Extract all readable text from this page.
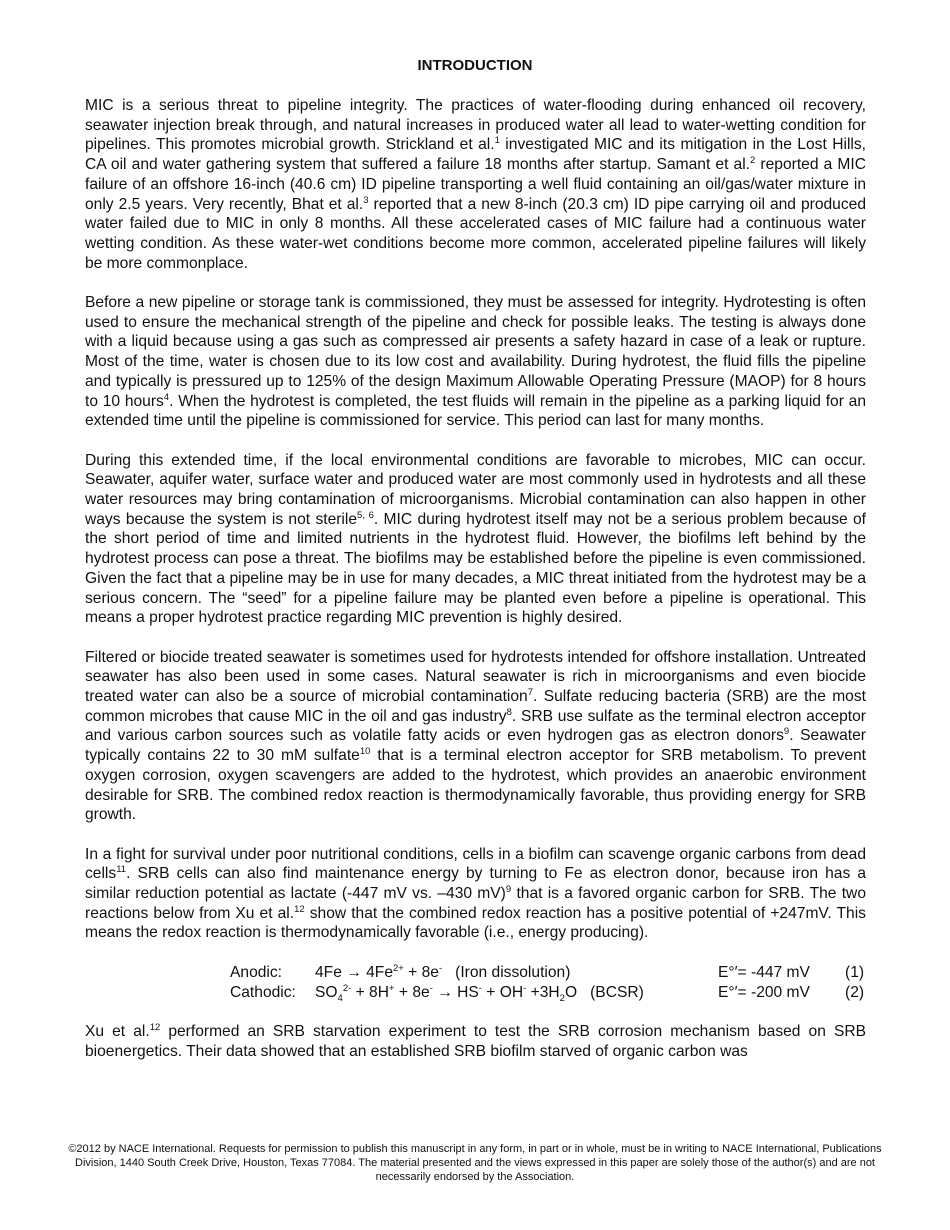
INTRODUCTION

MIC is a serious threat to pipeline integrity. The practices of water-flooding during enhanced oil recovery, seawater injection break through, and natural increases in produced water all lead to water-wetting condition for pipelines. This promotes microbial growth. Strickland et al.$^1$ investigated MIC and its mitigation in the Lost Hills, CA oil and water gathering system that suffered a failure 18 months after startup. Samant et al.$^2$ reported a MIC failure of an offshore 16-inch (40.6 cm) ID pipeline transporting a well fluid containing an oil/gas/water mixture in only 2.5 years. Very recently, Bhat et al.$^3$ reported that a new 8-inch (20.3 cm) ID pipe carrying oil and produced water failed due to MIC in only 8 months. All these accelerated cases of MIC failure had a continuous water wetting condition. As these water-wet conditions become more common, accelerated pipeline failures will likely be more commonplace.

Before a new pipeline or storage tank is commissioned, they must be assessed for integrity. Hydrotesting is often used to ensure the mechanical strength of the pipeline and check for possible leaks. The testing is always done with a liquid because using a gas such as compressed air presents a safety hazard in case of a leak or rupture. Most of the time, water is chosen due to its low cost and availability. During hydrotest, the fluid fills the pipeline and typically is pressured up to 125% of the design Maximum Allowable Operating Pressure (MAOP) for 8 hours to 10 hours$^4$. When the hydrotest is completed, the test fluids will remain in the pipeline as a parking liquid for an extended time until the pipeline is commissioned for service. This period can last for many months.

During this extended time, if the local environmental conditions are favorable to microbes, MIC can occur. Seawater, aquifer water, surface water and produced water are most commonly used in hydrotests and all these water resources may bring contamination of microorganisms. Microbial contamination can also happen in other ways because the system is not sterile$^{5, 6}$. MIC during hydrotest itself may not be a serious problem because of the short period of time and limited nutrients in the hydrotest fluid. However, the biofilms left behind by the hydrotest process can pose a threat. The biofilms may be established before the pipeline is even commissioned. Given the fact that a pipeline may be in use for many decades, a MIC threat initiated from the hydrotest may be a serious concern. The “seed” for a pipeline failure may be planted even before a pipeline is operational. This means a proper hydrotest practice regarding MIC prevention is highly desired.

Filtered or biocide treated seawater is sometimes used for hydrotests intended for offshore installation. Untreated seawater has also been used in some cases. Natural seawater is rich in microorganisms and even biocide treated water can also be a source of microbial contamination$^7$. Sulfate reducing bacteria (SRB) are the most common microbes that cause MIC in the oil and gas industry$^8$. SRB use sulfate as the terminal electron acceptor and various carbon sources such as volatile fatty acids or even hydrogen gas as electron donors$^9$. Seawater typically contains 22 to 30 mM sulfate$^{10}$ that is a terminal electron acceptor for SRB metabolism. To prevent oxygen corrosion, oxygen scavengers are added to the hydrotest, which provides an anaerobic environment desirable for SRB. The combined redox reaction is thermodynamically favorable, thus providing energy for SRB growth.

In a fight for survival under poor nutritional conditions, cells in a biofilm can scavenge organic carbons from dead cells$^{11}$. SRB cells can also find maintenance energy by turning to Fe as electron donor, because iron has a similar reduction potential as lactate (-447 mV vs. –430 mV)$^9$ that is a favored organic carbon for SRB. The two reactions below from Xu et al.$^{12}$ show that the combined redox reaction has a positive potential of +247mV. This means the redox reaction is thermodynamically favorable (i.e., energy producing).

Anodic: $4Fe \to 4Fe^{2+} + 8e^-$   (Iron dissolution)	E°′= -447 mV (1)
Cathodic: $SO_4^{2-} + 8H^+ + 8e^- \to HS^- + OH^- +3H_2O$   (BCSR)	E°′= -200 mV (2)

Xu et al.$^{12}$ performed an SRB starvation experiment to test the SRB corrosion mechanism based on SRB bioenergetics. Their data showed that an established SRB biofilm starved of organic carbon was

©2012 by NACE International. Requests for permission to publish this manuscript in any form, in part or in whole, must be in writing to NACE International, Publications Division, 1440 South Creek Drive, Houston, Texas 77084. The material presented and the views expressed in this paper are solely those of the author(s) and are not necessarily endorsed by the Association.
